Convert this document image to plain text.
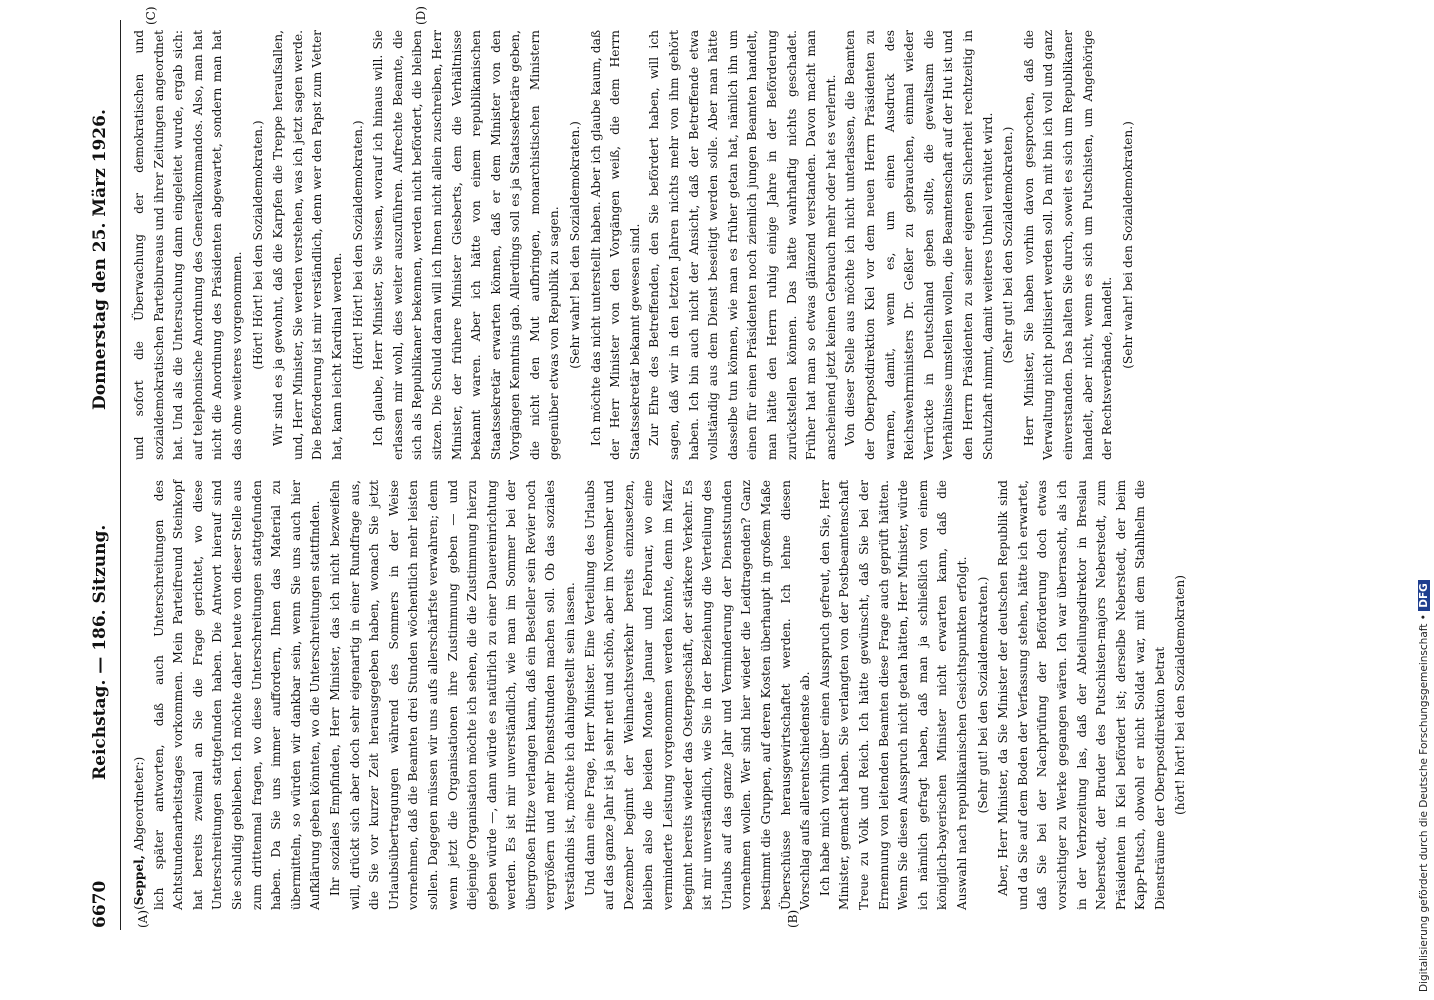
6670
Reichstag. — 186. Sitzung.
Donnerstag den 25. März 1926.
(A)	(B)
(C)	(D)

(Seppel, Abgeordneter:) lich später antworten, daß auch Unterschreitungen des Achtstundenarbeitstages vorkommen. Mein Parteifreund Steinkopf hat bereits zweimal an Sie die Frage gerichtet, wo diese Unterschreitungen stattgefunden haben. Die Antwort hierauf sind Sie schuldig geblieben. Ich möchte daher heute von dieser Stelle aus zum drittenmal fragen, wo diese Unterschreitungen stattgefunden haben. Da Sie uns immer auffordern, Ihnen das Material zu übermitteln, so würden wir dankbar sein, wenn Sie uns auch hier Aufklärung geben könnten, wo die Unterschreitungen stattfinden. Ihr soziales Empfinden, Herr Minister, das ich nicht bezweifeln will, drückt sich aber doch sehr eigenartig in einer Rundfrage aus, die Sie vor kurzer Zeit herausgegeben haben, wonach Sie jetzt Urlaubsübertragungen während des Sommers in der Weise vornehmen, daß die Beamten drei Stunden wöchentlich mehr leisten sollen. Dagegen müssen wir uns aufs allerschärfste verwahren; denn wenn jetzt die Organisationen ihre Zustimmung geben — und diejenige Organisation möchte ich sehen, die die Zustimmung hierzu geben würde —, dann würde es natürlich zu einer Dauereinrichtung werden. Es ist mir unverständlich, wie man im Sommer bei der übergroßen Hitze verlangen kann, daß ein Besteller sein Revier noch vergrößern und mehr Dienststunden machen soll. Ob das soziales Verständnis ist, möchte ich dahingestellt sein lassen. Und dann eine Frage, Herr Minister. Eine Verteilung des Urlaubs auf das ganze Jahr ist ja sehr nett und schön, aber im November und Dezember beginnt der Weihnachtsverkehr bereits einzusetzen, bleiben also die beiden Monate Januar und Februar, wo eine verminderte Leistung vorgenommen werden könnte, denn im März beginnt bereits wieder das Osterpgeschäft, der stärkere Verkehr. Es ist mir unverständlich, wie Sie in der Beziehung die Verteilung des Urlaubs auf das ganze Jahr und Verminderung der Dienststunden vornehmen wollen. Wer sind hier wieder die Leidtragenden? Ganz bestimmt die Gruppen, auf deren Kosten überhaupt in großem Maße Überschüsse herausgewirtschaftet werden. Ich lehne diesen Vorschlag aufs allerentschiedenste ab. Ich habe mich vorhin über einen Ausspruch gefreut, den Sie, Herr Minister, gemacht haben. Sie verlangten von der Postbeamtenschaft Treue zu Volk und Reich. Ich hätte gewünscht, daß Sie bei der Ernennung von leitenden Beamten diese Frage auch geprüft hätten. Wenn Sie diesen Ausspruch nicht getan hätten, Herr Minister, würde ich nämlich gefragt haben, daß man ja schließlich von einem königlich-bayerischen Minister nicht erwarten kann, daß die Auswahl nach republikanischen Gesichtspunkten erfolgt. (Sehr gut! bei den Sozialdemokraten.) Aber, Herr Minister, da Sie Minister der deutschen Republik sind und da Sie auf dem Boden der Verfassung stehen, hätte ich erwartet, daß Sie bei der Nachprüfung der Beförderung doch etwas vorsichtiger zu Werke gegangen wären. Ich war überrascht, als ich in der Verbrzeitung las, daß der Abteilungsdirektor in Breslau Neberstedt, der Bruder des Putschisten-majors Neberstedt, zum Präsidenten in Kiel befördert ist; derselbe Neberstedt, der beim Kapp-Putsch, obwohl er nicht Soldat war, mit dem Stahlhelm die Diensträume der Oberpostdirektion betrat (hört! hört! bei den Sozialdemokraten)

und sofort die Überwachung der demokratischen und sozialdemokratischen Parteibureaus und ihrer Zeitungen angeordnet hat. Und als die Untersuchung dann eingeleitet wurde, ergab sich: auf telephonische Anordnung des Generalkommandos. Also, man hat nicht die Anordnung des Präsidenten abgewartet, sondern man hat das ohne weiteres vorgenommen. (Hört! Hört! bei den Sozialdemokraten.) Wir sind es ja gewohnt, daß die Karpfen die Treppe heraufsallen, und, Herr Minister, Sie werden verstehen, was ich jetzt sagen werde. Die Beförderung ist mir verständlich, denn wer den Papst zum Vetter hat, kann leicht Kardinal werden. (Hört! Hört! bei den Sozialdemokraten.) Ich glaube, Herr Minister, Sie wissen, worauf ich hinaus will. Sie erlassen mir wohl, dies weiter auszuführen. Aufrechte Beamte, die sich als Republikaner bekennen, werden nicht befördert, die bleiben sitzen. Die Schuld daran will ich Ihnen nicht allein zuschreiben, Herr Minister, der frühere Minister Giesberts, dem die Verhältnisse bekannt waren. Aber ich hätte von einem republikanischen Staatssekretär erwarten können, daß er dem Minister von den Vorgängen Kenntnis gab. Allerdings soll es ja Staatssekretäre geben, die nicht den Mut aufbringen, monarchistischen Ministern gegenüber etwas von Republik zu sagen. (Sehr wahr! bei den Sozialdemokraten.) Ich möchte das nicht unterstellt haben. Aber ich glaube kaum, daß der Herr Minister von den Vorgängen weiß, die dem Herrn Staatssekretär bekannt gewesen sind. Zur Ehre des Betreffenden, den Sie befördert haben, will ich sagen, daß wir in den letzten Jahren nichts mehr von ihm gehört haben. Ich bin auch nicht der Ansicht, daß der Betreffende etwa vollständig aus dem Dienst beseitigt werden solle. Aber man hätte dasselbe tun können, wie man es früher getan hat, nämlich ihn um einen für einen Präsidenten noch ziemlich jungen Beamten handelt, man hätte den Herrn ruhig einige Jahre in der Beförderung zurückstellen können. Das hätte wahrhaftig nichts geschadet. Früher hat man so etwas glänzend verstanden. Davon macht man anscheinend jetzt keinen Gebrauch mehr oder hat es verlernt. Von dieser Stelle aus möchte ich nicht unterlassen, die Beamten der Oberpostdirektion Kiel vor dem neuen Herrn Präsidenten zu warnen, damit, wenn es, um einen Ausdruck des Reichswehrministers Dr. Geßler zu gebrauchen, einmal wieder Verrückte in Deutschland geben sollte, die gewaltsam die Verhältnisse umstellen wollen, die Beamtenschaft auf der Hut ist und den Herrn Präsidenten zu seiner eigenen Sicherheit rechtzeitig in Schutzhaft nimmt, damit weiteres Unheil verhütet wird. (Sehr gut! bei den Sozialdemokraten.) Herr Minister, Sie haben vorhin davon gesprochen, daß die Verwaltung nicht politisiert werden soll. Da mit bin ich voll und ganz einverstanden. Das halten Sie durch, soweit es sich um Republikaner handelt, aber nicht, wenn es sich um Putschisten, um Angehörige der Rechtsverbände, handelt. (Sehr wahr! bei den Sozialdemokraten.)

Digitalisierung gefördert durch die Deutsche Forschungsgemeinschaft • DFG
